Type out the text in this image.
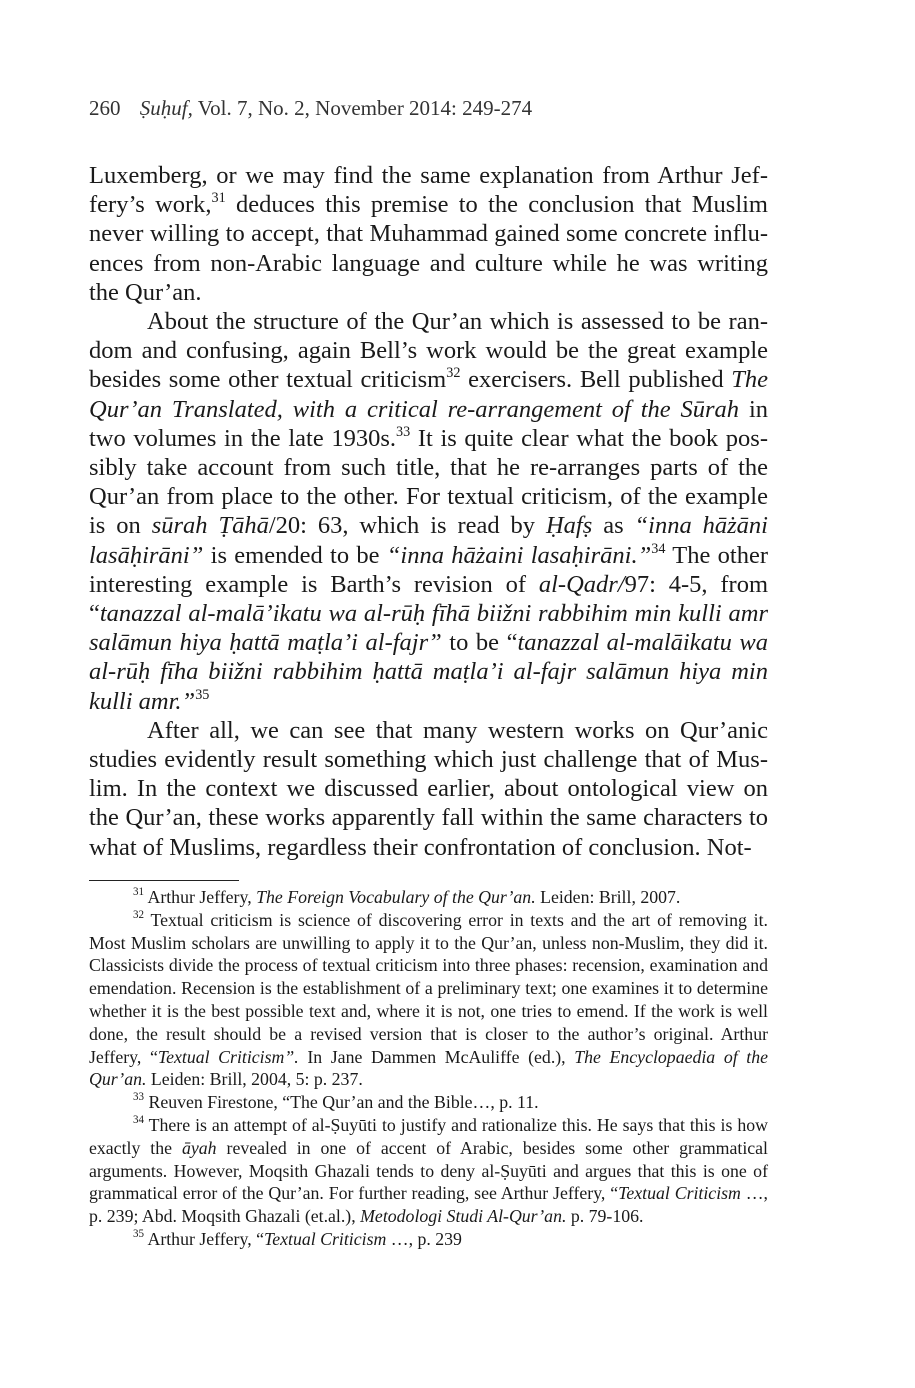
260 Ṣuḥuf, Vol. 7, No. 2, November 2014: 249-274

Luxemberg, or we may find the same explanation from Arthur Jeffery’s work,$^{31}$ deduces this premise to the conclusion that Muslim never willing to accept, that Muhammad gained some concrete influences from non-Arabic language and culture while he was writing the Qur’an.

About the structure of the Qur’an which is assessed to be random and confusing, again Bell’s work would be the great example besides some other textual criticism$^{32}$ exercisers. Bell published The Qur’an Translated, with a critical re-arrangement of the Sūrah in two volumes in the late 1930s.$^{33}$ It is quite clear what the book possibly take account from such title, that he re-arranges parts of the Qur’an from place to the other. For textual criticism, of the example is on sūrah Ṭāhā/20: 63, which is read by Ḥafṣ as “inna hāżāni lasāḥirāni” is emended to be “inna hāżaini lasaḥirāni.”$^{34}$ The other interesting example is Barth’s revision of al-Qadr/97: 4-5, from “tanazzal al-malā’ikatu wa al-rūḥ fīhā biižni rabbihim min kulli amr salāmun hiya ḥattā maṭla’i al-fajr” to be “tanazzal al-malāikatu wa al-rūḥ fīha biižni rabbihim ḥattā maṭla’i al-fajr salāmun hiya min kulli amr.”$^{35}$

After all, we can see that many western works on Qur’anic studies evidently result something which just challenge that of Muslim. In the context we discussed earlier, about ontological view on the Qur’an, these works apparently fall within the same characters to what of Muslims, regardless their confrontation of conclusion. Not-

$^{31}$ Arthur Jeffery, The Foreign Vocabulary of the Qur’an. Leiden: Brill, 2007.

$^{32}$ Textual criticism is science of discovering error in texts and the art of removing it. Most Muslim scholars are unwilling to apply it to the Qur’an, unless non-Muslim, they did it. Classicists divide the process of textual criticism into three phases: recension, examination and emendation. Recension is the establishment of a preliminary text; one examines it to determine whether it is the best possible text and, where it is not, one tries to emend. If the work is well done, the result should be a revised version that is closer to the author’s original. Arthur Jeffery, “Textual Criticism”. In Jane Dammen McAuliffe (ed.), The Encyclopaedia of the Qur’an. Leiden: Brill, 2004, 5: p. 237.

$^{33}$ Reuven Firestone, “The Qur’an and the Bible…, p. 11.

$^{34}$ There is an attempt of al-Ṣuyūti to justify and rationalize this. He says that this is how exactly the āyah revealed in one of accent of Arabic, besides some other grammatical arguments. However, Moqsith Ghazali tends to deny al-Ṣuyūti and argues that this is one of grammatical error of the Qur’an. For further reading, see Arthur Jeffery, “Textual Criticism …, p. 239; Abd. Moqsith Ghazali (et.al.), Metodologi Studi Al-Qur’an. p. 79-106.

$^{35}$ Arthur Jeffery, “Textual Criticism …, p. 239
